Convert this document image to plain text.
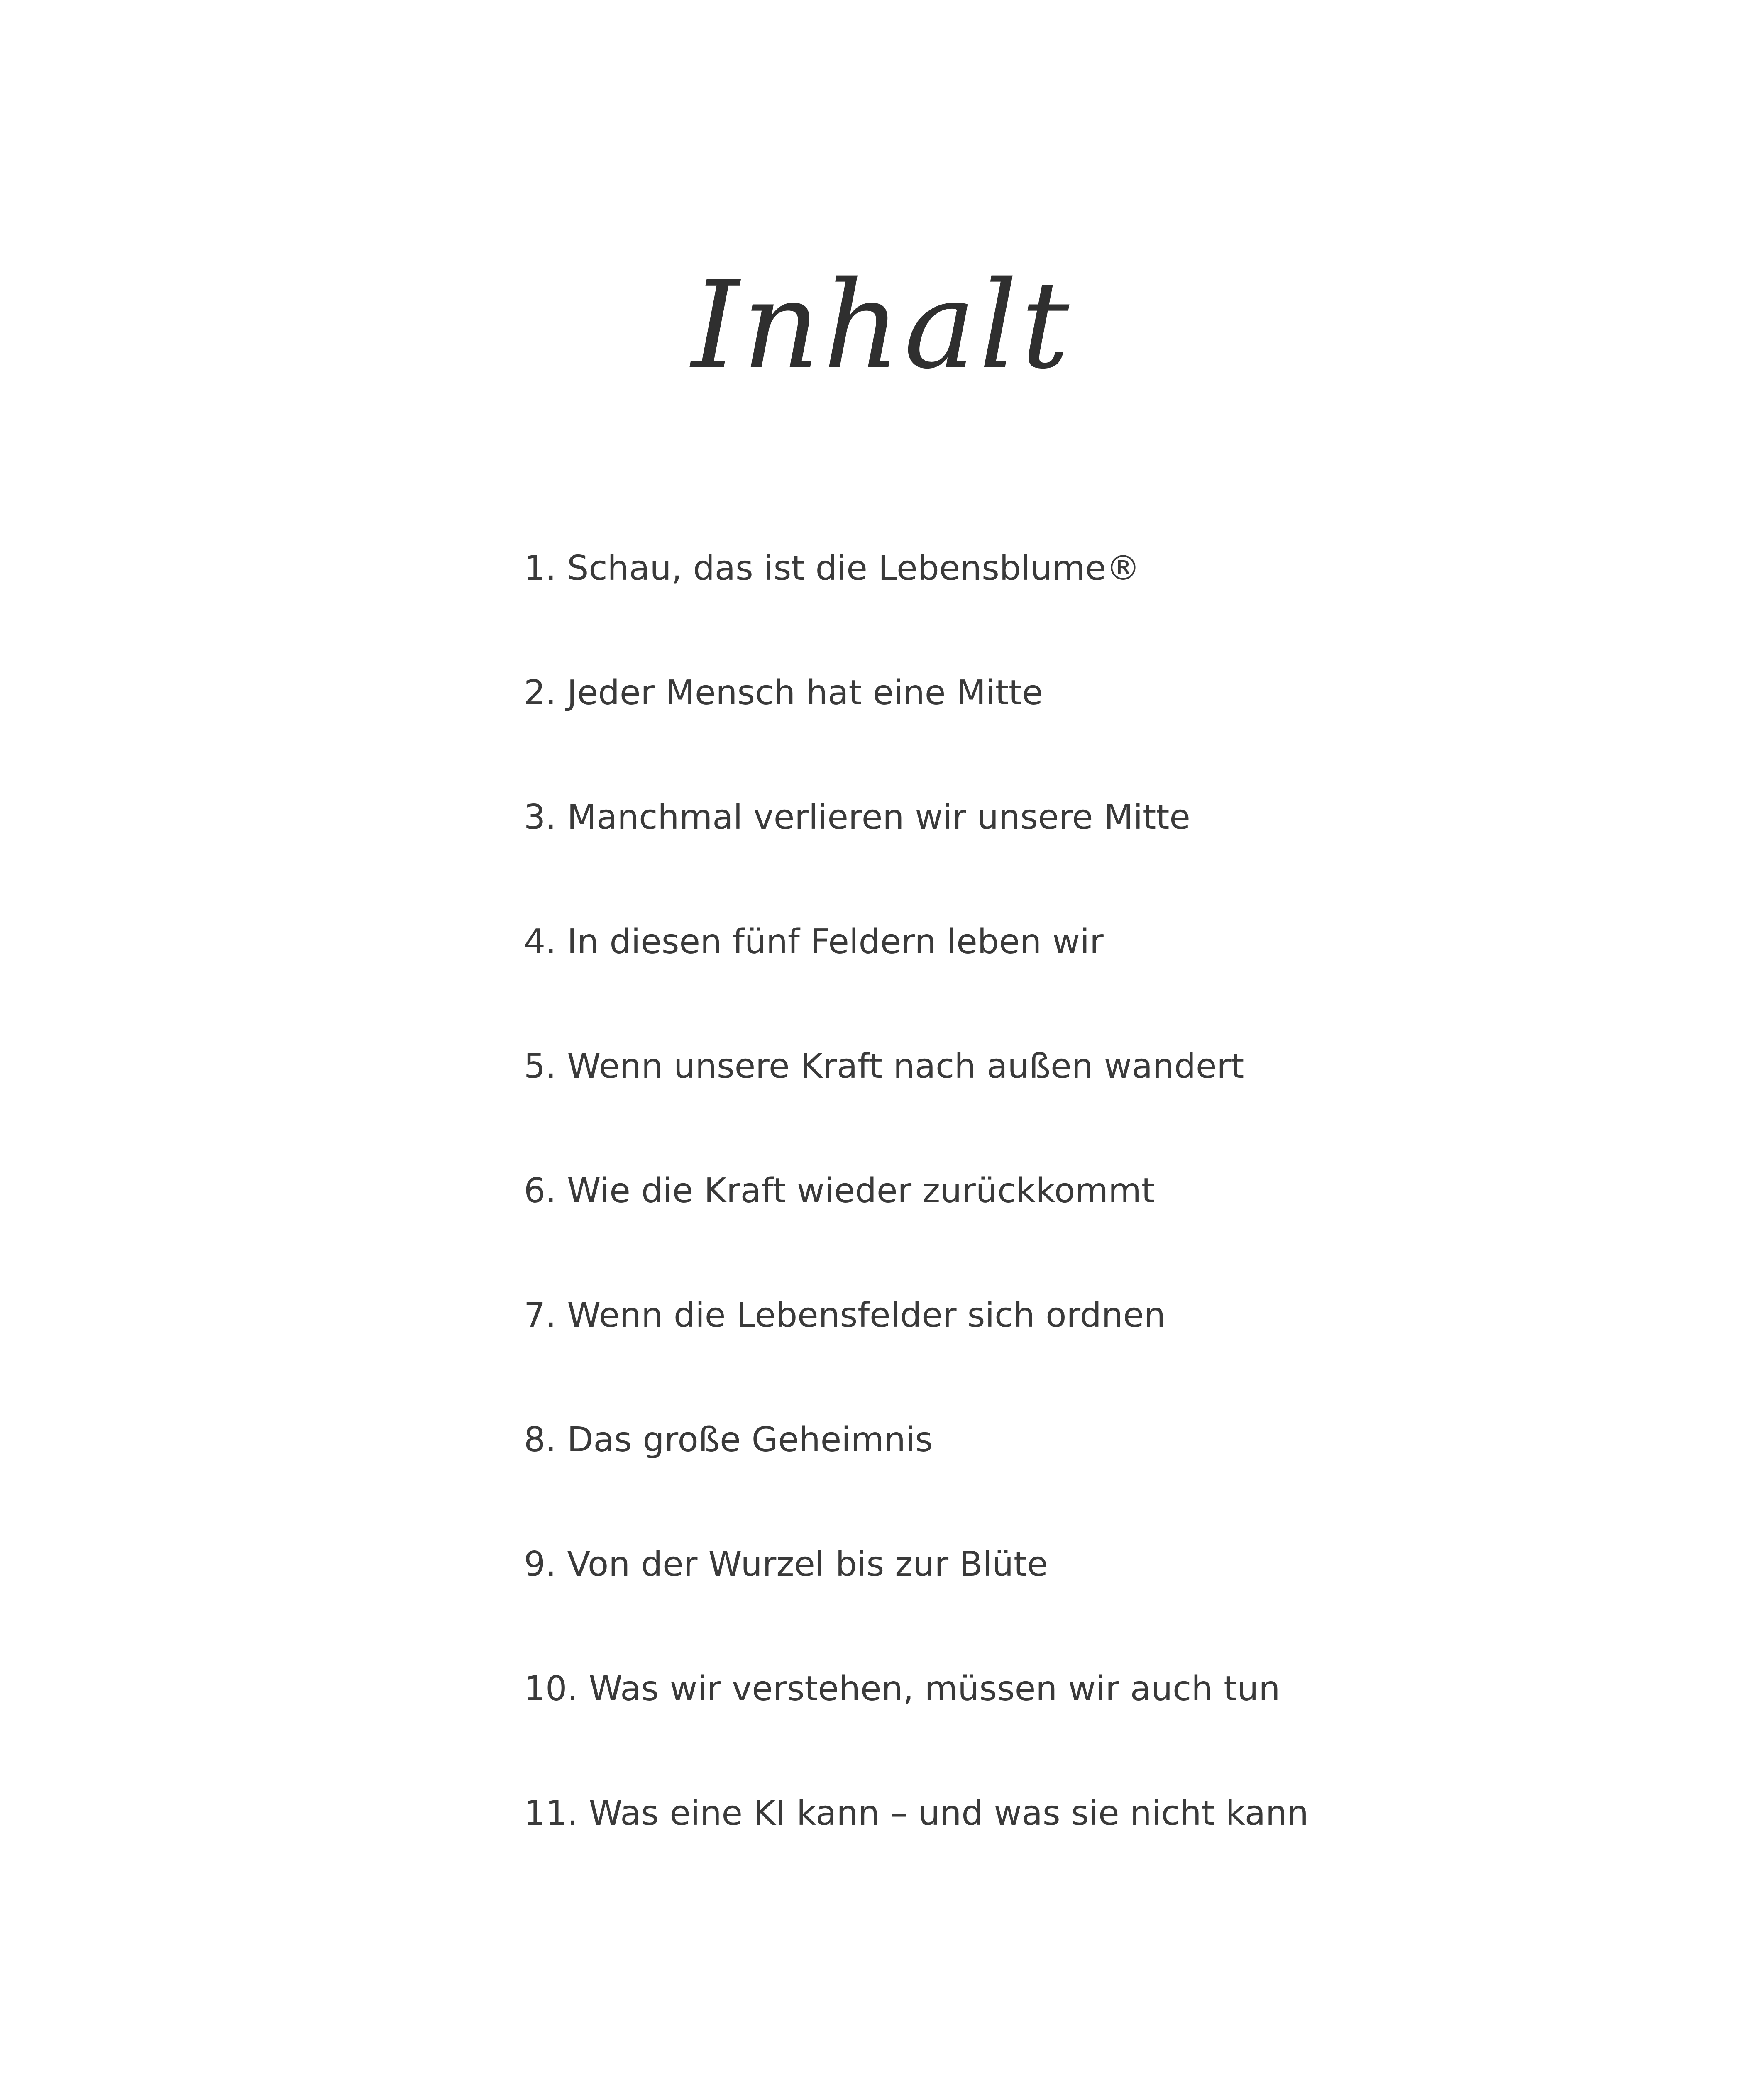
Inhalt
1. Schau, das ist die Lebensblume®
2. Jeder Mensch hat eine Mitte
3. Manchmal verlieren wir unsere Mitte
4. In diesen fünf Feldern leben wir
5. Wenn unsere Kraft nach außen wandert
6. Wie die Kraft wieder zurückkommt
7. Wenn die Lebensfelder sich ordnen
8. Das große Geheimnis
9. Von der Wurzel bis zur Blüte
10. Was wir verstehen, müssen wir auch tun
11. Was eine KI kann – und was sie nicht kann
